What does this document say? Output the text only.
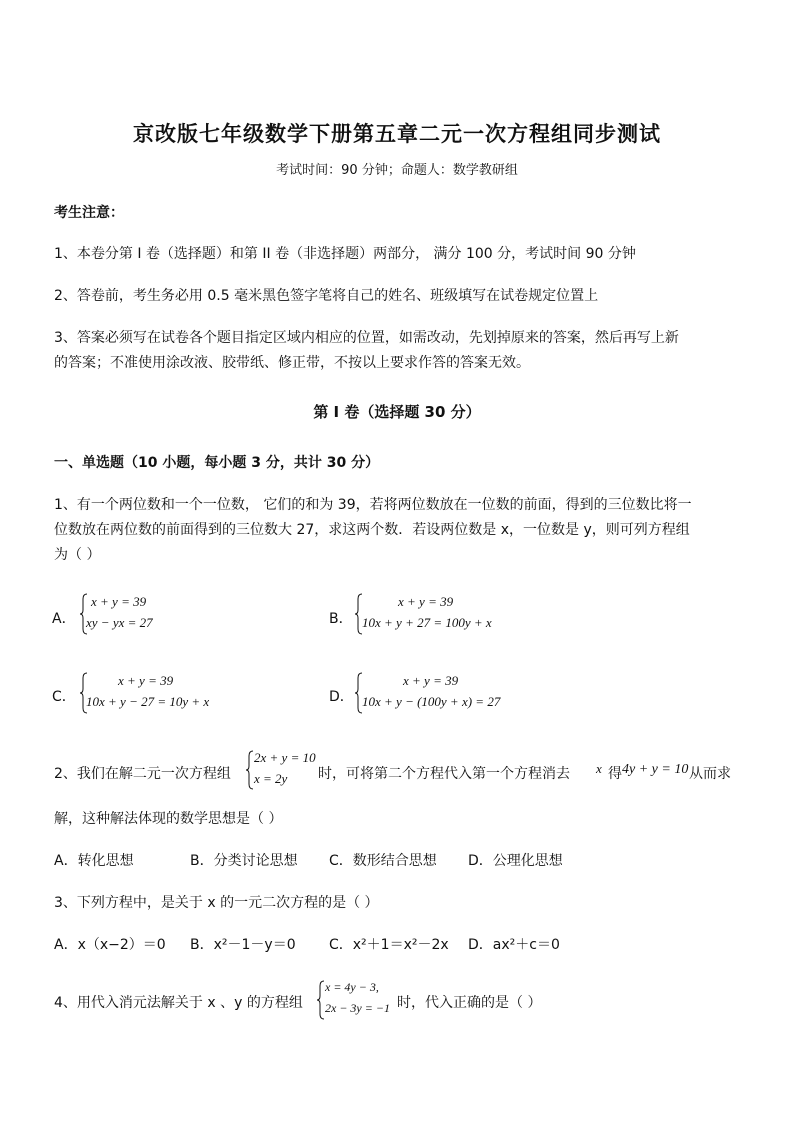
京改版七年级数学下册第五章二元一次方程组同步测试
考试时间：90 分钟；命题人：数学教研组
考生注意：
1、本卷分第 I 卷（选择题）和第 II 卷（非选择题）两部分， 满分 100 分，考试时间 90 分钟
2、答卷前，考生务必用 0.5 毫米黑色签字笔将自己的姓名、班级填写在试卷规定位置上
3、答案必须写在试卷各个题目指定区域内相应的位置，如需改动，先划掉原来的答案，然后再写上新
的答案；不准使用涂改液、胶带纸、修正带，不按以上要求作答的答案无效。
第 I 卷（选择题 30 分）
一、单选题（10 小题，每小题 3 分，共计 30 分）
1、有一个两位数和一个一位数， 它们的和为 39，若将两位数放在一位数的前面，得到的三位数比将一
位数放在两位数的前面得到的三位数大 27，求这两个数．若设两位数是 x，一位数是 y，则可列方程组
为（ ）
A．
x + y = 39
xy − yx = 27	B．
x + y = 39
10x + y + 27 = 100y + x
C．
x + y = 39
10x + y − 27 = 10y + x	D．
x + y = 39
10x + y − (100y + x) = 27
2、我们在解二元一次方程组
2x + y = 10
x = 2y 时，可将第二个方程代入第一个方程消去 x 得 4y + y = 10 从而求
解，这种解法体现的数学思想是（ ）
A．转化思想	B．分类讨论思想 C．数形结合思想 D．公理化思想
3、下列方程中，是关于 x 的一元二次方程的是（ ）
A．x（x−2）＝0 B．x²－1－y＝0 C．x²＋1＝x²－2x D．ax²＋c＝0
4、用代入消元法解关于 x 、y 的方程组
x = 4y − 3,
2x − 3y = −1 时，代入正确的是（ ）
